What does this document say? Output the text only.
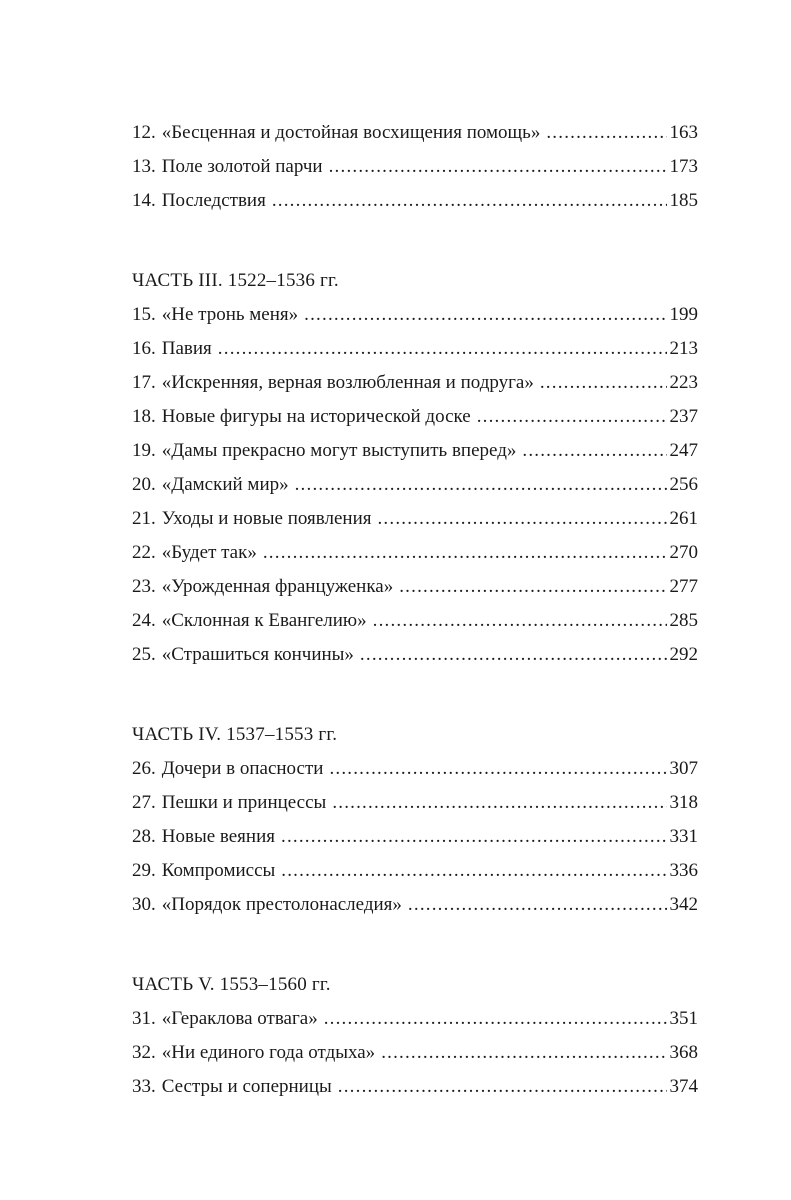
12. «Бесценная и достойная восхищения помощь» .....	163
13. Поле золотой парчи .....	173
14. Последствия .....	185
ЧАСТЬ III. 1522–1536 гг.
15. «Не тронь меня» .....	199
16. Павия .....	213
17. «Искренняя, верная возлюбленная и подруга» .....	223
18. Новые фигуры на исторической доске .....	237
19. «Дамы прекрасно могут выступить вперед» .....	247
20. «Дамский мир» .....	256
21. Уходы и новые появления .....	261
22. «Будет так» .....	270
23. «Урожденная француженка» .....	277
24. «Склонная к Евангелию» .....	285
25. «Страшиться кончины» .....	292
ЧАСТЬ IV. 1537–1553 гг.
26. Дочери в опасности .....	307
27. Пешки и принцессы .....	318
28. Новые веяния .....	331
29. Компромиссы .....	336
30. «Порядок престолонаследия» .....	342
ЧАСТЬ V. 1553–1560 гг.
31. «Гераклова отвага» .....	351
32. «Ни единого года отдыха» .....	368
33. Сестры и соперницы .....	374
